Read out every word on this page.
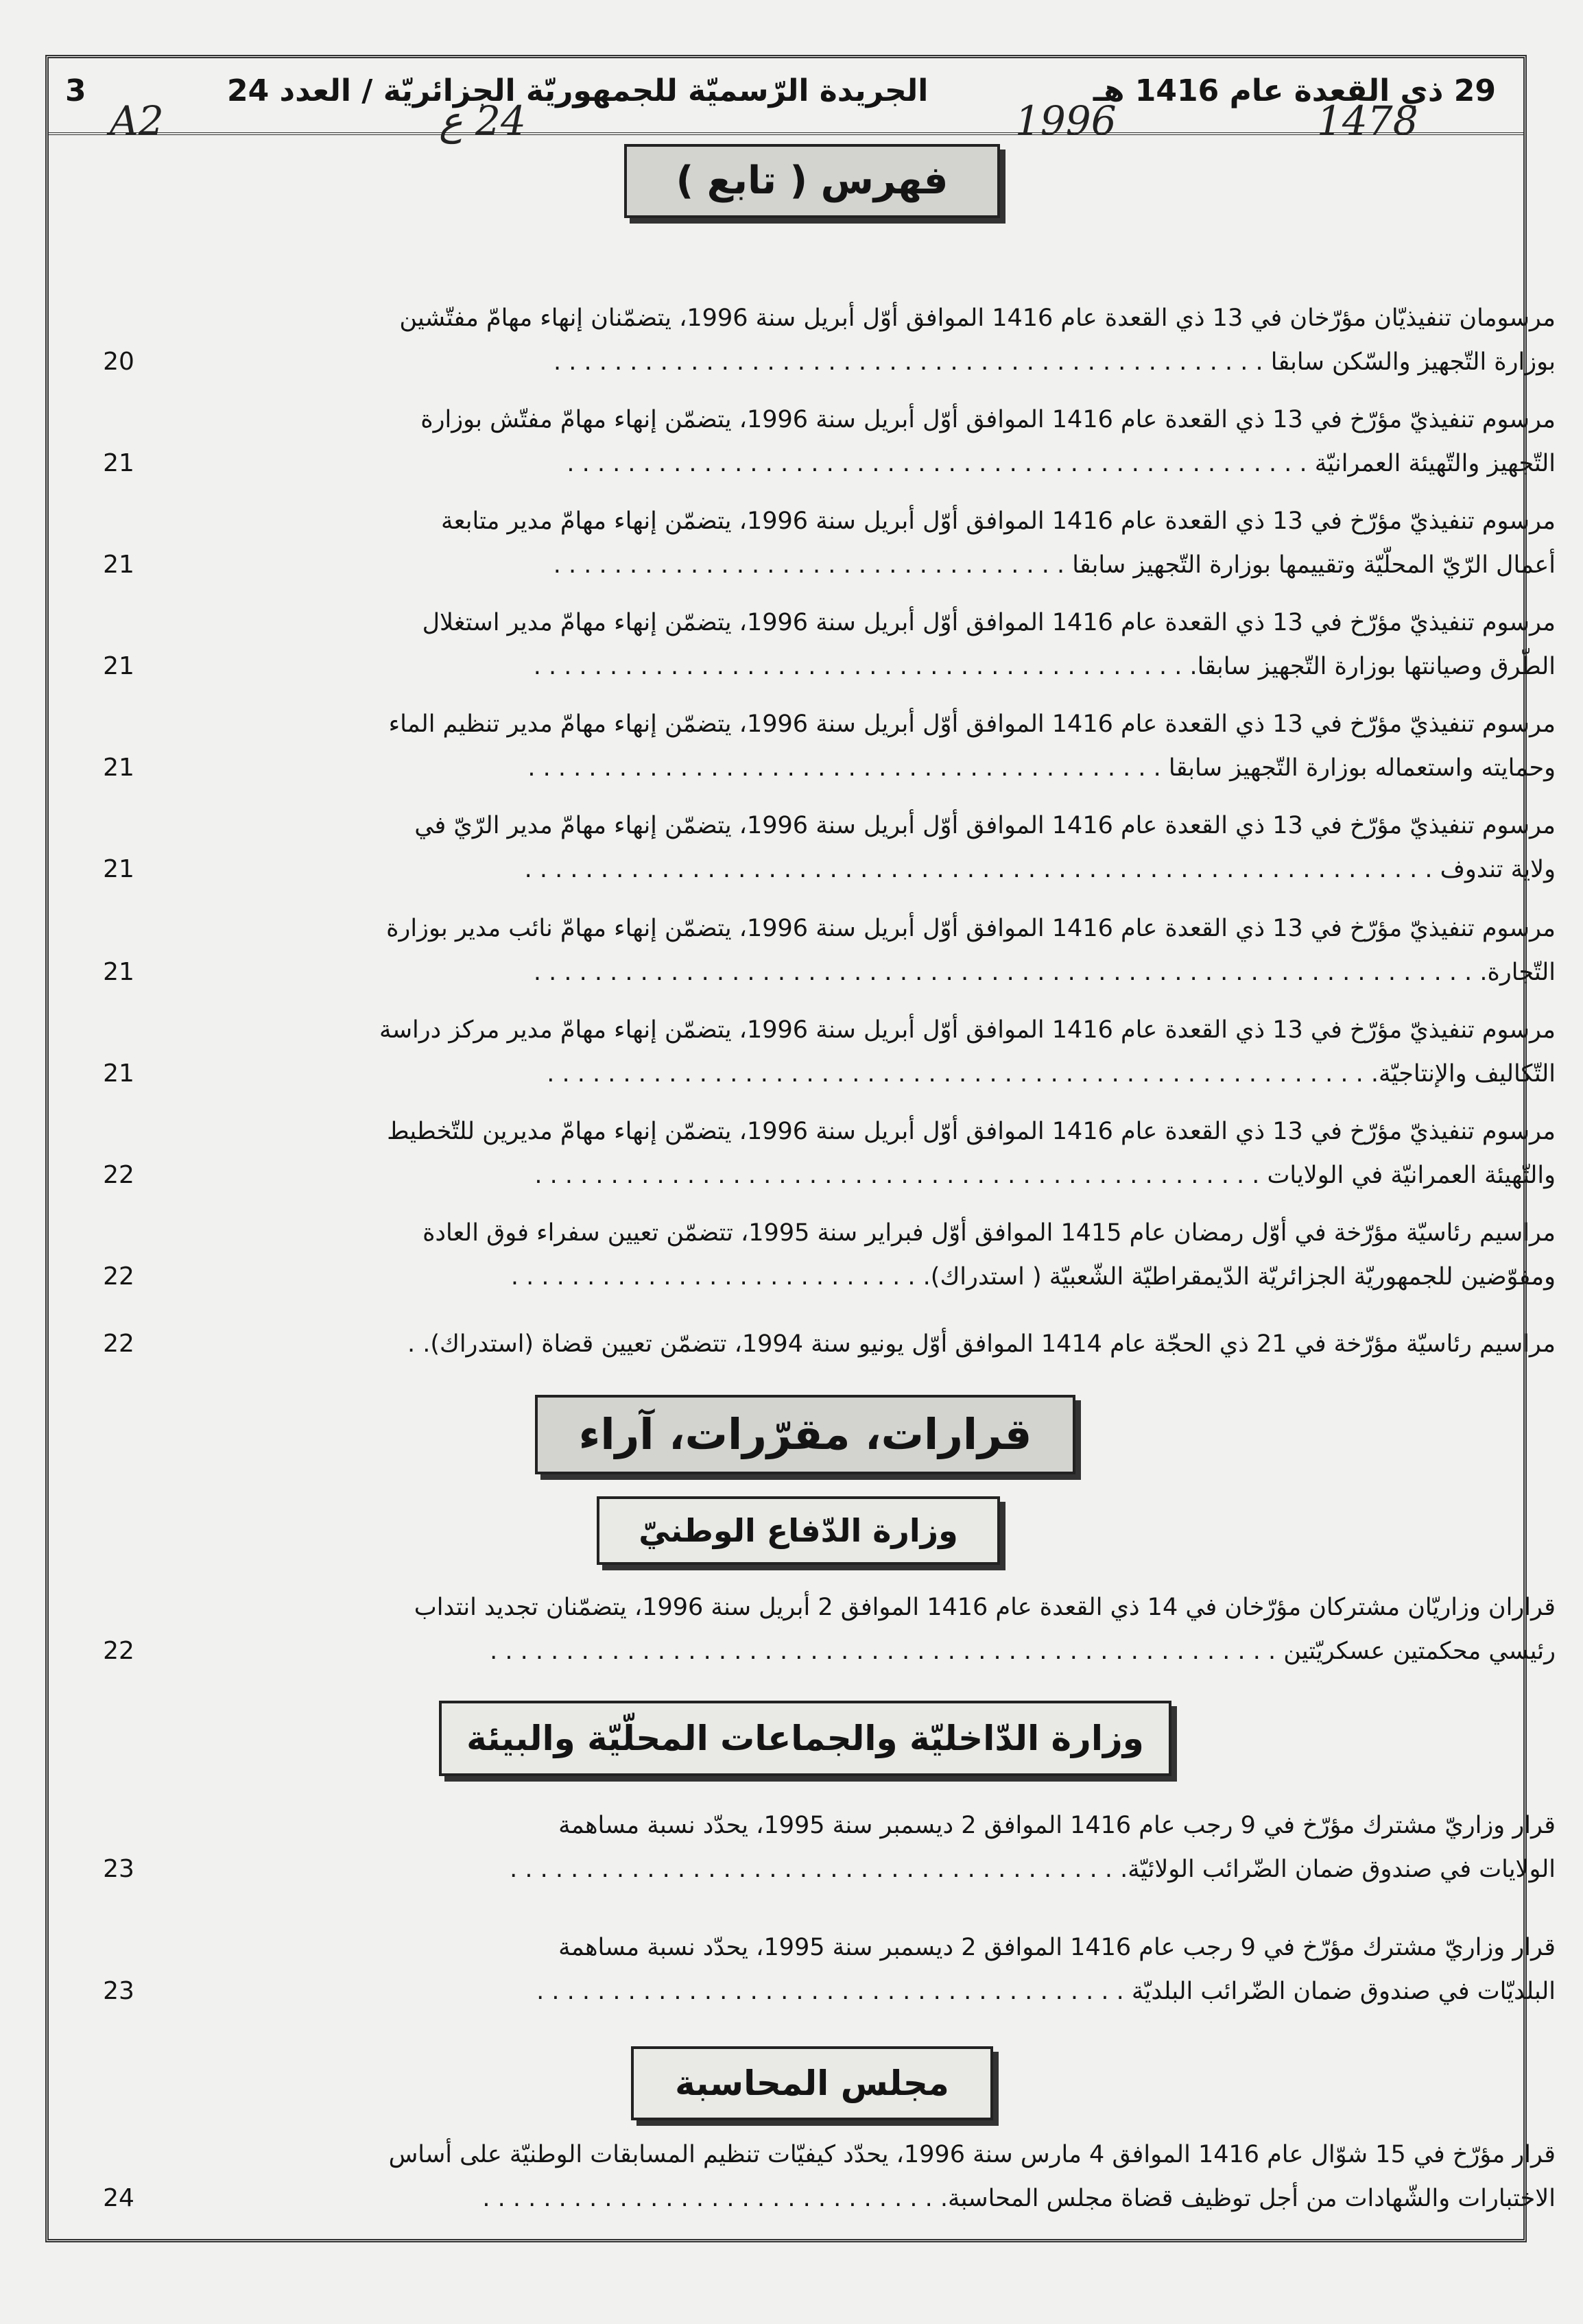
3	الجريدة الرّسميّة للجمهوريّة الجزائريّة / العدد 24	29 ذي القعدة عام 1416 هـ
A2	24 ع	1996	1478
فهرس ( تابع )
مرسومان تنفيذيّان مؤرّخان في 13 ذي القعدة عام 1416 الموافق أوّل أبريل سنة 1996، يتضمّنان إنهاء مهامّ مفتّشين
بوزارة التّجهيز والسّكن سابقا . . . . . . . . . . . . . . . . . . . . . . . . . . . . . . . . . . . . . . . . . . . . . . .
20
مرسوم تنفيذيّ مؤرّخ في 13 ذي القعدة عام 1416 الموافق أوّل أبريل سنة 1996، يتضمّن إنهاء مهامّ مفتّش بوزارة
التّجهيز والتّهيئة العمرانيّة . . . . . . . . . . . . . . . . . . . . . . . . . . . . . . . . . . . . . . . . . . . . . . . . .
21
مرسوم تنفيذيّ مؤرّخ في 13 ذي القعدة عام 1416 الموافق أوّل أبريل سنة 1996، يتضمّن إنهاء مهامّ مدير متابعة
أعمال الرّيّ المحلّيّة وتقييمها بوزارة التّجهيز سابقا . . . . . . . . . . . . . . . . . . . . . . . . . . . . . . . . . .
21
مرسوم تنفيذيّ مؤرّخ في 13 ذي القعدة عام 1416 الموافق أوّل أبريل سنة 1996، يتضمّن إنهاء مهامّ مدير استغلال
الطّرق وصيانتها بوزارة التّجهيز سابقا. . . . . . . . . . . . . . . . . . . . . . . . . . . . . . . . . . . . . . . . . . . .
21
مرسوم تنفيذيّ مؤرّخ في 13 ذي القعدة عام 1416 الموافق أوّل أبريل سنة 1996، يتضمّن إنهاء مهامّ مدير تنظيم الماء
وحمايته واستعماله بوزارة التّجهيز سابقا . . . . . . . . . . . . . . . . . . . . . . . . . . . . . . . . . . . . . . . . . .
21
مرسوم تنفيذيّ مؤرّخ في 13 ذي القعدة عام 1416 الموافق أوّل أبريل سنة 1996، يتضمّن إنهاء مهامّ مدير الرّيّ في
ولاية تندوف . . . . . . . . . . . . . . . . . . . . . . . . . . . . . . . . . . . . . . . . . . . . . . . . . . . . . . . . . . . .
21
مرسوم تنفيذيّ مؤرّخ في 13 ذي القعدة عام 1416 الموافق أوّل أبريل سنة 1996، يتضمّن إنهاء مهامّ نائب مدير بوزارة
التّجارة. . . . . . . . . . . . . . . . . . . . . . . . . . . . . . . . . . . . . . . . . . . . . . . . . . . . . . . . . . . . . . .
21
مرسوم تنفيذيّ مؤرّخ في 13 ذي القعدة عام 1416 الموافق أوّل أبريل سنة 1996، يتضمّن إنهاء مهامّ مدير مركز دراسة
التّكاليف والإنتاجيّة. . . . . . . . . . . . . . . . . . . . . . . . . . . . . . . . . . . . . . . . . . . . . . . . . . . . . . .
21
مرسوم تنفيذيّ مؤرّخ في 13 ذي القعدة عام 1416 الموافق أوّل أبريل سنة 1996، يتضمّن إنهاء مهامّ مديرين للتّخطيط
والتّهيئة العمرانيّة في الولايات . . . . . . . . . . . . . . . . . . . . . . . . . . . . . . . . . . . . . . . . . . . . . . . .
22
مراسيم رئاسيّة مؤرّخة في أوّل رمضان عام 1415 الموافق أوّل فبراير سنة 1995، تتضمّن تعيين سفراء فوق العادة
ومفوّضين للجمهوريّة الجزائريّة الدّيمقراطيّة الشّعبيّة ( استدراك). . . . . . . . . . . . . . . . . . . . . . . . . . . .
22
مراسيم رئاسيّة مؤرّخة في 21 ذي الحجّة عام 1414 الموافق أوّل يونيو سنة 1994، تتضمّن تعيين قضاة (استدراك). .
22
قرارات، مقرّرات، آراء
وزارة الدّفاع الوطنيّ
قراران وزاريّان مشتركان مؤرّخان في 14 ذي القعدة عام 1416 الموافق 2 أبريل سنة 1996، يتضمّنان تجديد انتداب
رئيسي محكمتين عسكريّتين . . . . . . . . . . . . . . . . . . . . . . . . . . . . . . . . . . . . . . . . . . . . . . . . . . . .
22
وزارة الدّاخليّة والجماعات المحلّيّة والبيئة
قرار وزاريّ مشترك مؤرّخ في 9 رجب عام 1416 الموافق 2 ديسمبر سنة 1995، يحدّد نسبة مساهمة
الولايات في صندوق ضمان الضّرائب الولائيّة. . . . . . . . . . . . . . . . . . . . . . . . . . . . . . . . . . . . . . . . .
23
قرار وزاريّ مشترك مؤرّخ في 9 رجب عام 1416 الموافق 2 ديسمبر سنة 1995، يحدّد نسبة مساهمة
البلديّات في صندوق ضمان الضّرائب البلديّة . . . . . . . . . . . . . . . . . . . . . . . . . . . . . . . . . . . . . . .
23
مجلس المحاسبة
قرار مؤرّخ في 15 شوّال عام 1416 الموافق 4 مارس سنة 1996، يحدّد كيفيّات تنظيم المسابقات الوطنيّة على أساس
الاختبارات والشّهادات من أجل توظيف قضاة مجلس المحاسبة. . . . . . . . . . . . . . . . . . . . . . . . . . . . . . .
24
